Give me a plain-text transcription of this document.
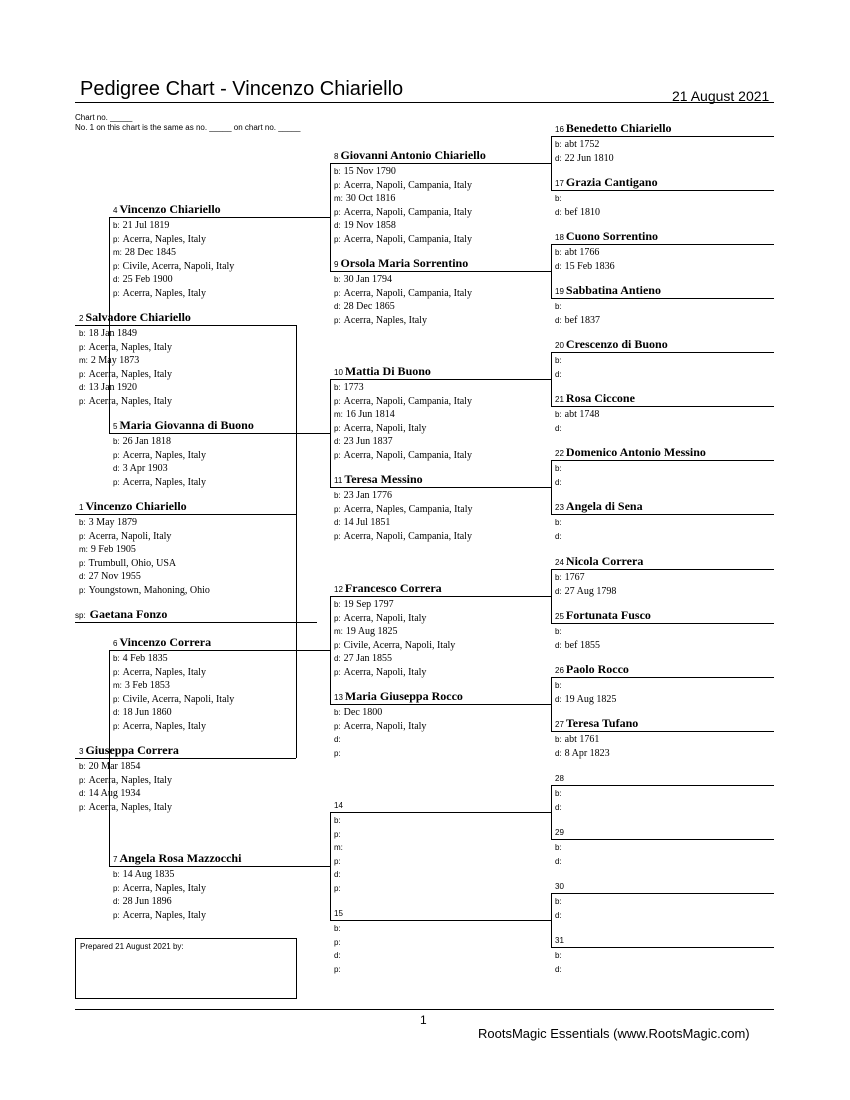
Pedigree Chart - Vincenzo Chiariello	21 August 2021
Chart no. _____
No. 1 on this chart is the same as no. _____ on chart no. _____
1 Vincenzo Chiariello
b: 3 May 1879
p: Acerra, Napoli, Italy
m: 9 Feb 1905
p: Trumbull, Ohio, USA
d: 27 Nov 1955
p: Youngstown, Mahoning, Ohio
sp: Gaetana Fonzo
2 Salvadore Chiariello
b: 18 Jan 1849
p: Acerra, Naples, Italy
m: 2 May 1873
p: Acerra, Naples, Italy
d: 13 Jan 1920
p: Acerra, Naples, Italy
3 Giuseppa Correra
b: 20 Mar 1854
p: Acerra, Naples, Italy
d: 14 Aug 1934
p: Acerra, Naples, Italy
4 Vincenzo Chiariello
b: 21 Jul 1819
p: Acerra, Naples, Italy
m: 28 Dec 1845
p: Civile, Acerra, Napoli, Italy
d: 25 Feb 1900
p: Acerra, Naples, Italy
5 Maria Giovanna di Buono
b: 26 Jan 1818
p: Acerra, Naples, Italy
d: 3 Apr 1903
p: Acerra, Naples, Italy
6 Vincenzo Correra
b: 4 Feb 1835
p: Acerra, Naples, Italy
m: 3 Feb 1853
p: Civile, Acerra, Napoli, Italy
d: 18 Jun 1860
p: Acerra, Naples, Italy
7 Angela Rosa Mazzocchi
b: 14 Aug 1835
p: Acerra, Naples, Italy
d: 28 Jun 1896
p: Acerra, Naples, Italy
8 Giovanni Antonio Chiariello
b: 15 Nov 1790
p: Acerra, Napoli, Campania, Italy
m: 30 Oct 1816
p: Acerra, Napoli, Campania, Italy
d: 19 Nov 1858
p: Acerra, Napoli, Campania, Italy
9 Orsola Maria Sorrentino
b: 30 Jan 1794
p: Acerra, Napoli, Campania, Italy
d: 28 Dec 1865
p: Acerra, Naples, Italy
10 Mattia Di Buono
b: 1773
p: Acerra, Napoli, Campania, Italy
m: 16 Jun 1814
p: Acerra, Napoli, Italy
d: 23 Jun 1837
p: Acerra, Napoli, Campania, Italy
11 Teresa Messino
b: 23 Jan 1776
p: Acerra, Naples, Campania, Italy
d: 14 Jul 1851
p: Acerra, Napoli, Campania, Italy
12 Francesco Correra
b: 19 Sep 1797
p: Acerra, Napoli, Italy
m: 19 Aug 1825
p: Civile, Acerra, Napoli, Italy
d: 27 Jan 1855
p: Acerra, Napoli, Italy
13 Maria Giuseppa Rocco
b: Dec 1800
p: Acerra, Napoli, Italy
d:
p:
14
b:
p:
m:
p:
d:
p:
15
b:
p:
d:
p:
16 Benedetto Chiariello
b: abt 1752
d: 22 Jun 1810
17 Grazia Cantigano
b:
d: bef 1810
18 Cuono Sorrentino
b: abt 1766
d: 15 Feb 1836
19 Sabbatina Antieno
b:
d: bef 1837
20 Crescenzo di Buono
b:
d:
21 Rosa Ciccone
b: abt 1748
d:
22 Domenico Antonio Messino
b:
d:
23 Angela di Sena
b:
d:
24 Nicola Correra
b: 1767
d: 27 Aug 1798
25 Fortunata Fusco
b:
d: bef 1855
26 Paolo Rocco
b:
d: 19 Aug 1825
27 Teresa Tufano
b: abt 1761
d: 8 Apr 1823
28
b:
d:
29
b:
d:
30
b:
d:
31
b:
d:
Prepared 21 August 2021 by:
1
RootsMagic Essentials (www.RootsMagic.com)
